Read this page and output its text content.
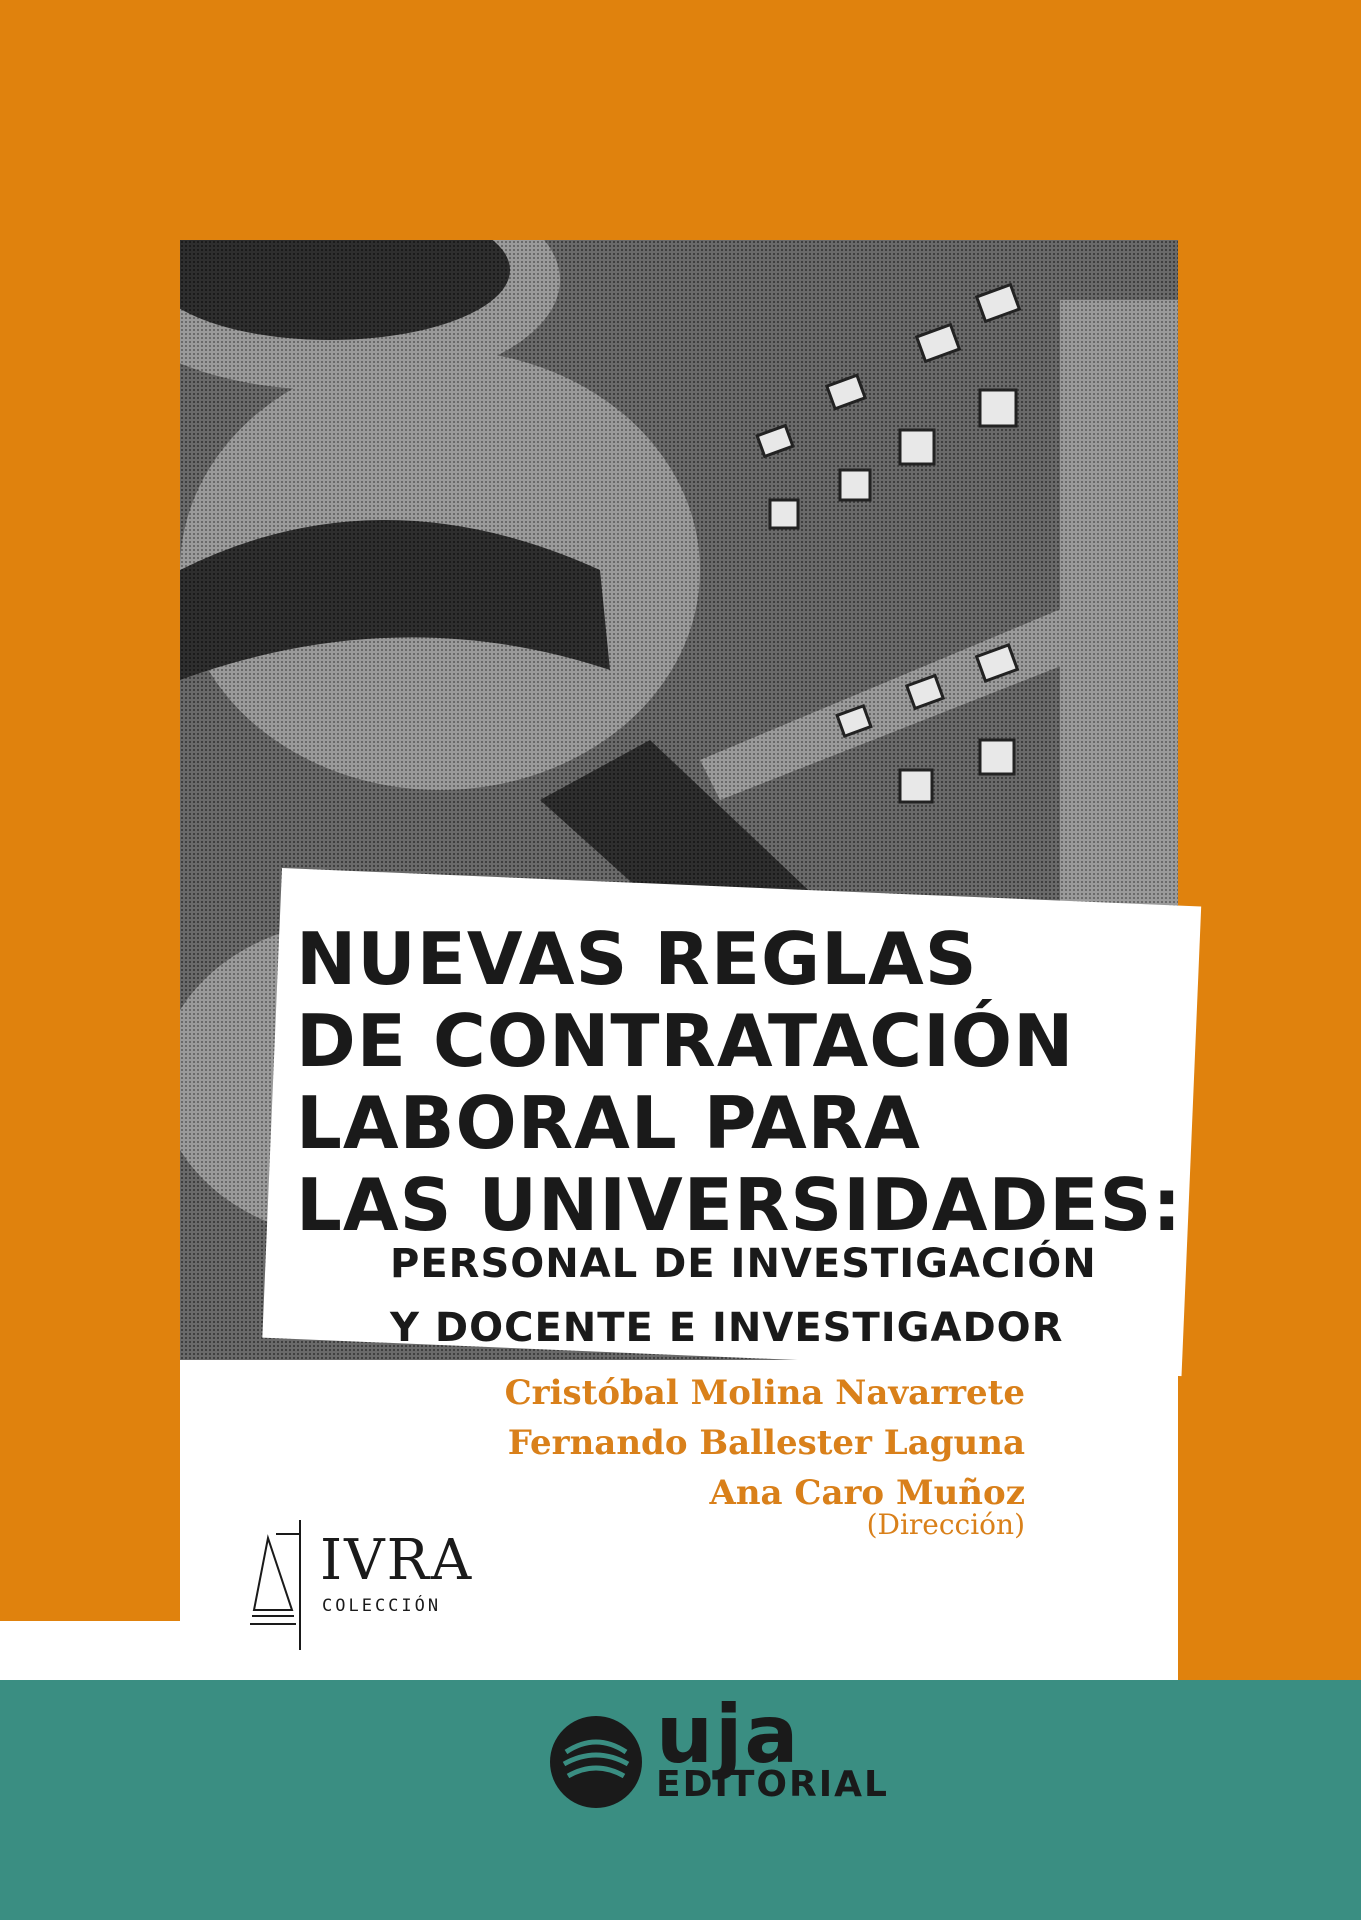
NUEVAS REGLAS
DE CONTRATACIÓN
LABORAL PARA
LAS UNIVERSIDADES:
PERSONAL DE INVESTIGACIÓN
Y DOCENTE E INVESTIGADOR
Cristóbal Molina Navarrete
Fernando Ballester Laguna
Ana Caro Muñoz
(Dirección)
IVRA
COLECCIÓN
uja
EDITORIAL
